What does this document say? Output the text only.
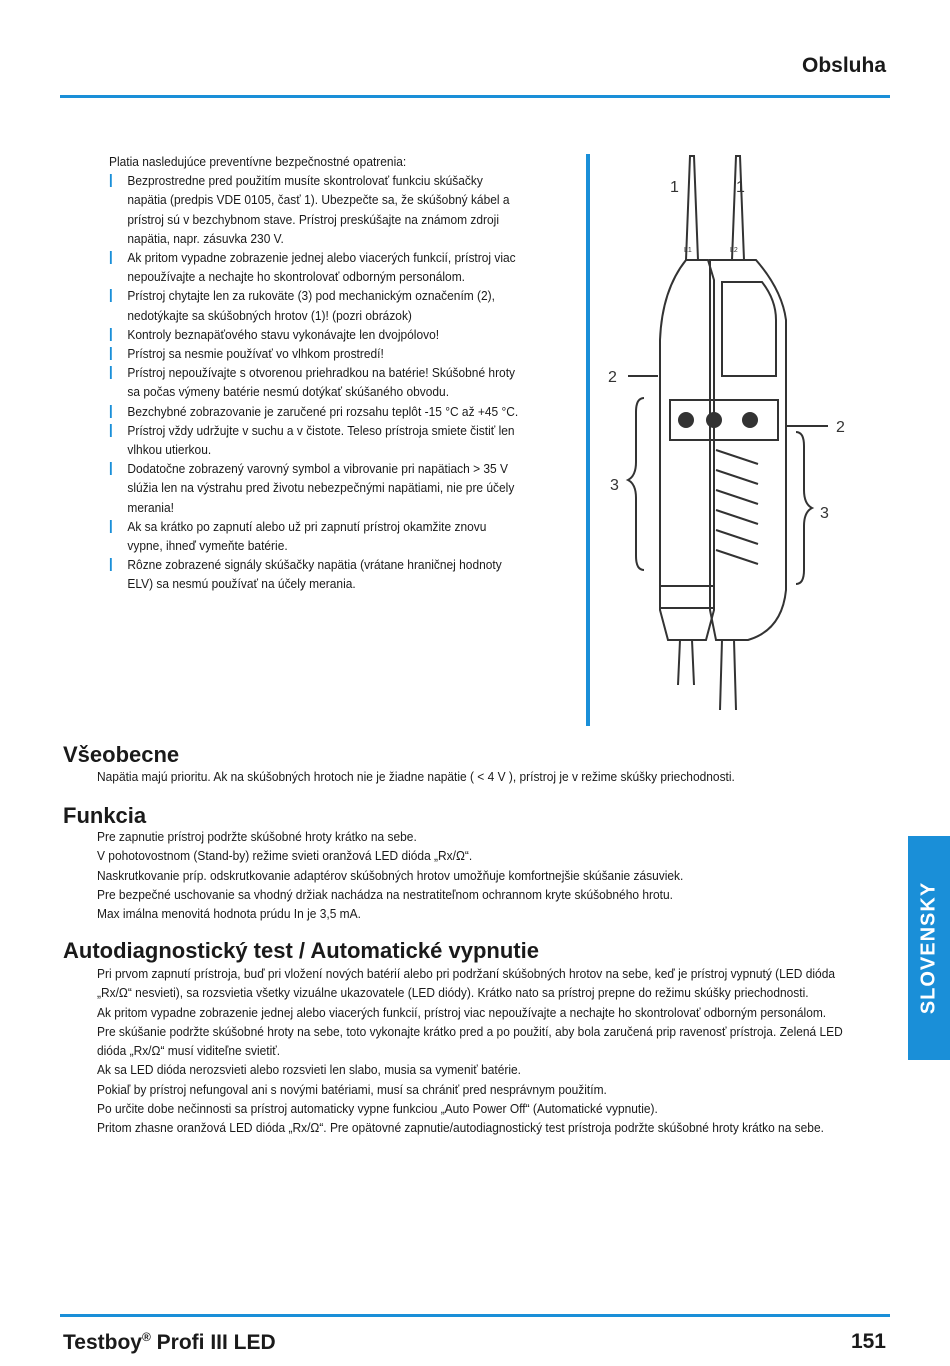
Obsluha
Platia nasledujúce preventívne bezpečnostné opatrenia:
Bezprostredne pred použitím musíte skontrolovať funkciu skúšačky napätia (predpis VDE 0105, časť 1). Ubezpečte sa, že skúšobný kábel a prístroj sú v bezchybnom stave. Prístroj preskúšajte na známom zdroji napätia, napr. zásuvka 230 V.
Ak pritom vypadne zobrazenie jednej alebo viacerých funkcií, prístroj viac nepoužívajte a nechajte ho skontrolovať odborným personálom.
Prístroj chytajte len za rukoväte (3) pod mechanickým označením (2), nedotýkajte sa skúšobných hrotov (1)! (pozri obrázok)
Kontroly beznapäťového stavu vykonávajte len dvojpólovo!
Prístroj sa nesmie používať vo vlhkom prostredí!
Prístroj nepoužívajte s otvorenou priehradkou na batérie! Skúšobné hroty sa počas výmeny batérie nesmú dotýkať skúšaného obvodu.
Bezchybné zobrazovanie je zaručené pri rozsahu teplôt -15 °C až +45 °C.
Prístroj vždy udržujte v suchu a v čistote. Teleso prístroja smiete čistiť len vlhkou utierkou.
Dodatočne zobrazený varovný symbol a vibrovanie pri napätiach > 35 V slúžia len na výstrahu pred životu nebezpečnými napätiami, nie pre účely merania!
Ak sa krátko po zapnutí alebo už pri zapnutí prístroj okamžite znovu vypne, ihneď vymeňte batérie.
Rôzne zobrazené signály skúšačky napätia (vrátane hraničnej hodnoty ELV) sa nesmú používať na účely merania.
1	1
2
2
3
3
L1	L2
Všeobecne

Napätia majú prioritu. Ak na skúšobných hrotoch nie je žiadne napätie ( < 4 V ), prístroj je v režime skúšky priechodnosti.

Funkcia

Pre zapnutie prístroj podržte skúšobné hroty krátko na sebe.

V pohotovostnom (Stand-by) režime svieti oranžová LED dióda „Rx/Ω“.

Naskrutkovanie príp. odskrutkovanie adaptérov skúšobných hrotov umožňuje komfortnejšie skúšanie zásuviek.

Pre bezpečné uschovanie sa vhodný držiak nachádza na nestratiteľnom ochrannom kryte skúšobného hrotu.

Max imálna menovitá hodnota prúdu In je 3,5 mA.

Autodiagnostický test / Automatické vypnutie

Pri prvom zapnutí prístroja, buď pri vložení nových batérií alebo pri podržaní skúšobných hrotov na sebe, keď je prístroj vypnutý (LED dióda „Rx/Ω“ nesvieti), sa rozsvietia všetky vizuálne ukazovatele (LED diódy). Krátko nato sa prístroj prepne do režimu skúšky priechodnosti.

Ak pritom vypadne zobrazenie jednej alebo viacerých funkcií, prístroj viac nepoužívajte a nechajte ho skontrolovať odborným personálom.

Pre skúšanie podržte skúšobné hroty na sebe, toto vykonajte krátko pred a po použití, aby bola zaručená prip ravenosť prístroja. Zelená LED dióda „Rx/Ω“ musí viditeľne svietiť.

Ak sa LED dióda nerozsvieti alebo rozsvieti len slabo, musia sa vymeniť batérie.

Pokiaľ by prístroj nefungoval ani s novými batériami, musí sa chrániť pred nesprávnym použitím.

Po určite dobe nečinnosti sa prístroj automaticky vypne funkciou „Auto Power Off“ (Automatické vypnutie).

Pritom zhasne oranžová LED dióda „Rx/Ω“. Pre opätovné zapnutie/autodiagnostický test prístroja podržte skúšobné hroty krátko na sebe.

SLOVENSKY
Testboy® Profi III LED	151
